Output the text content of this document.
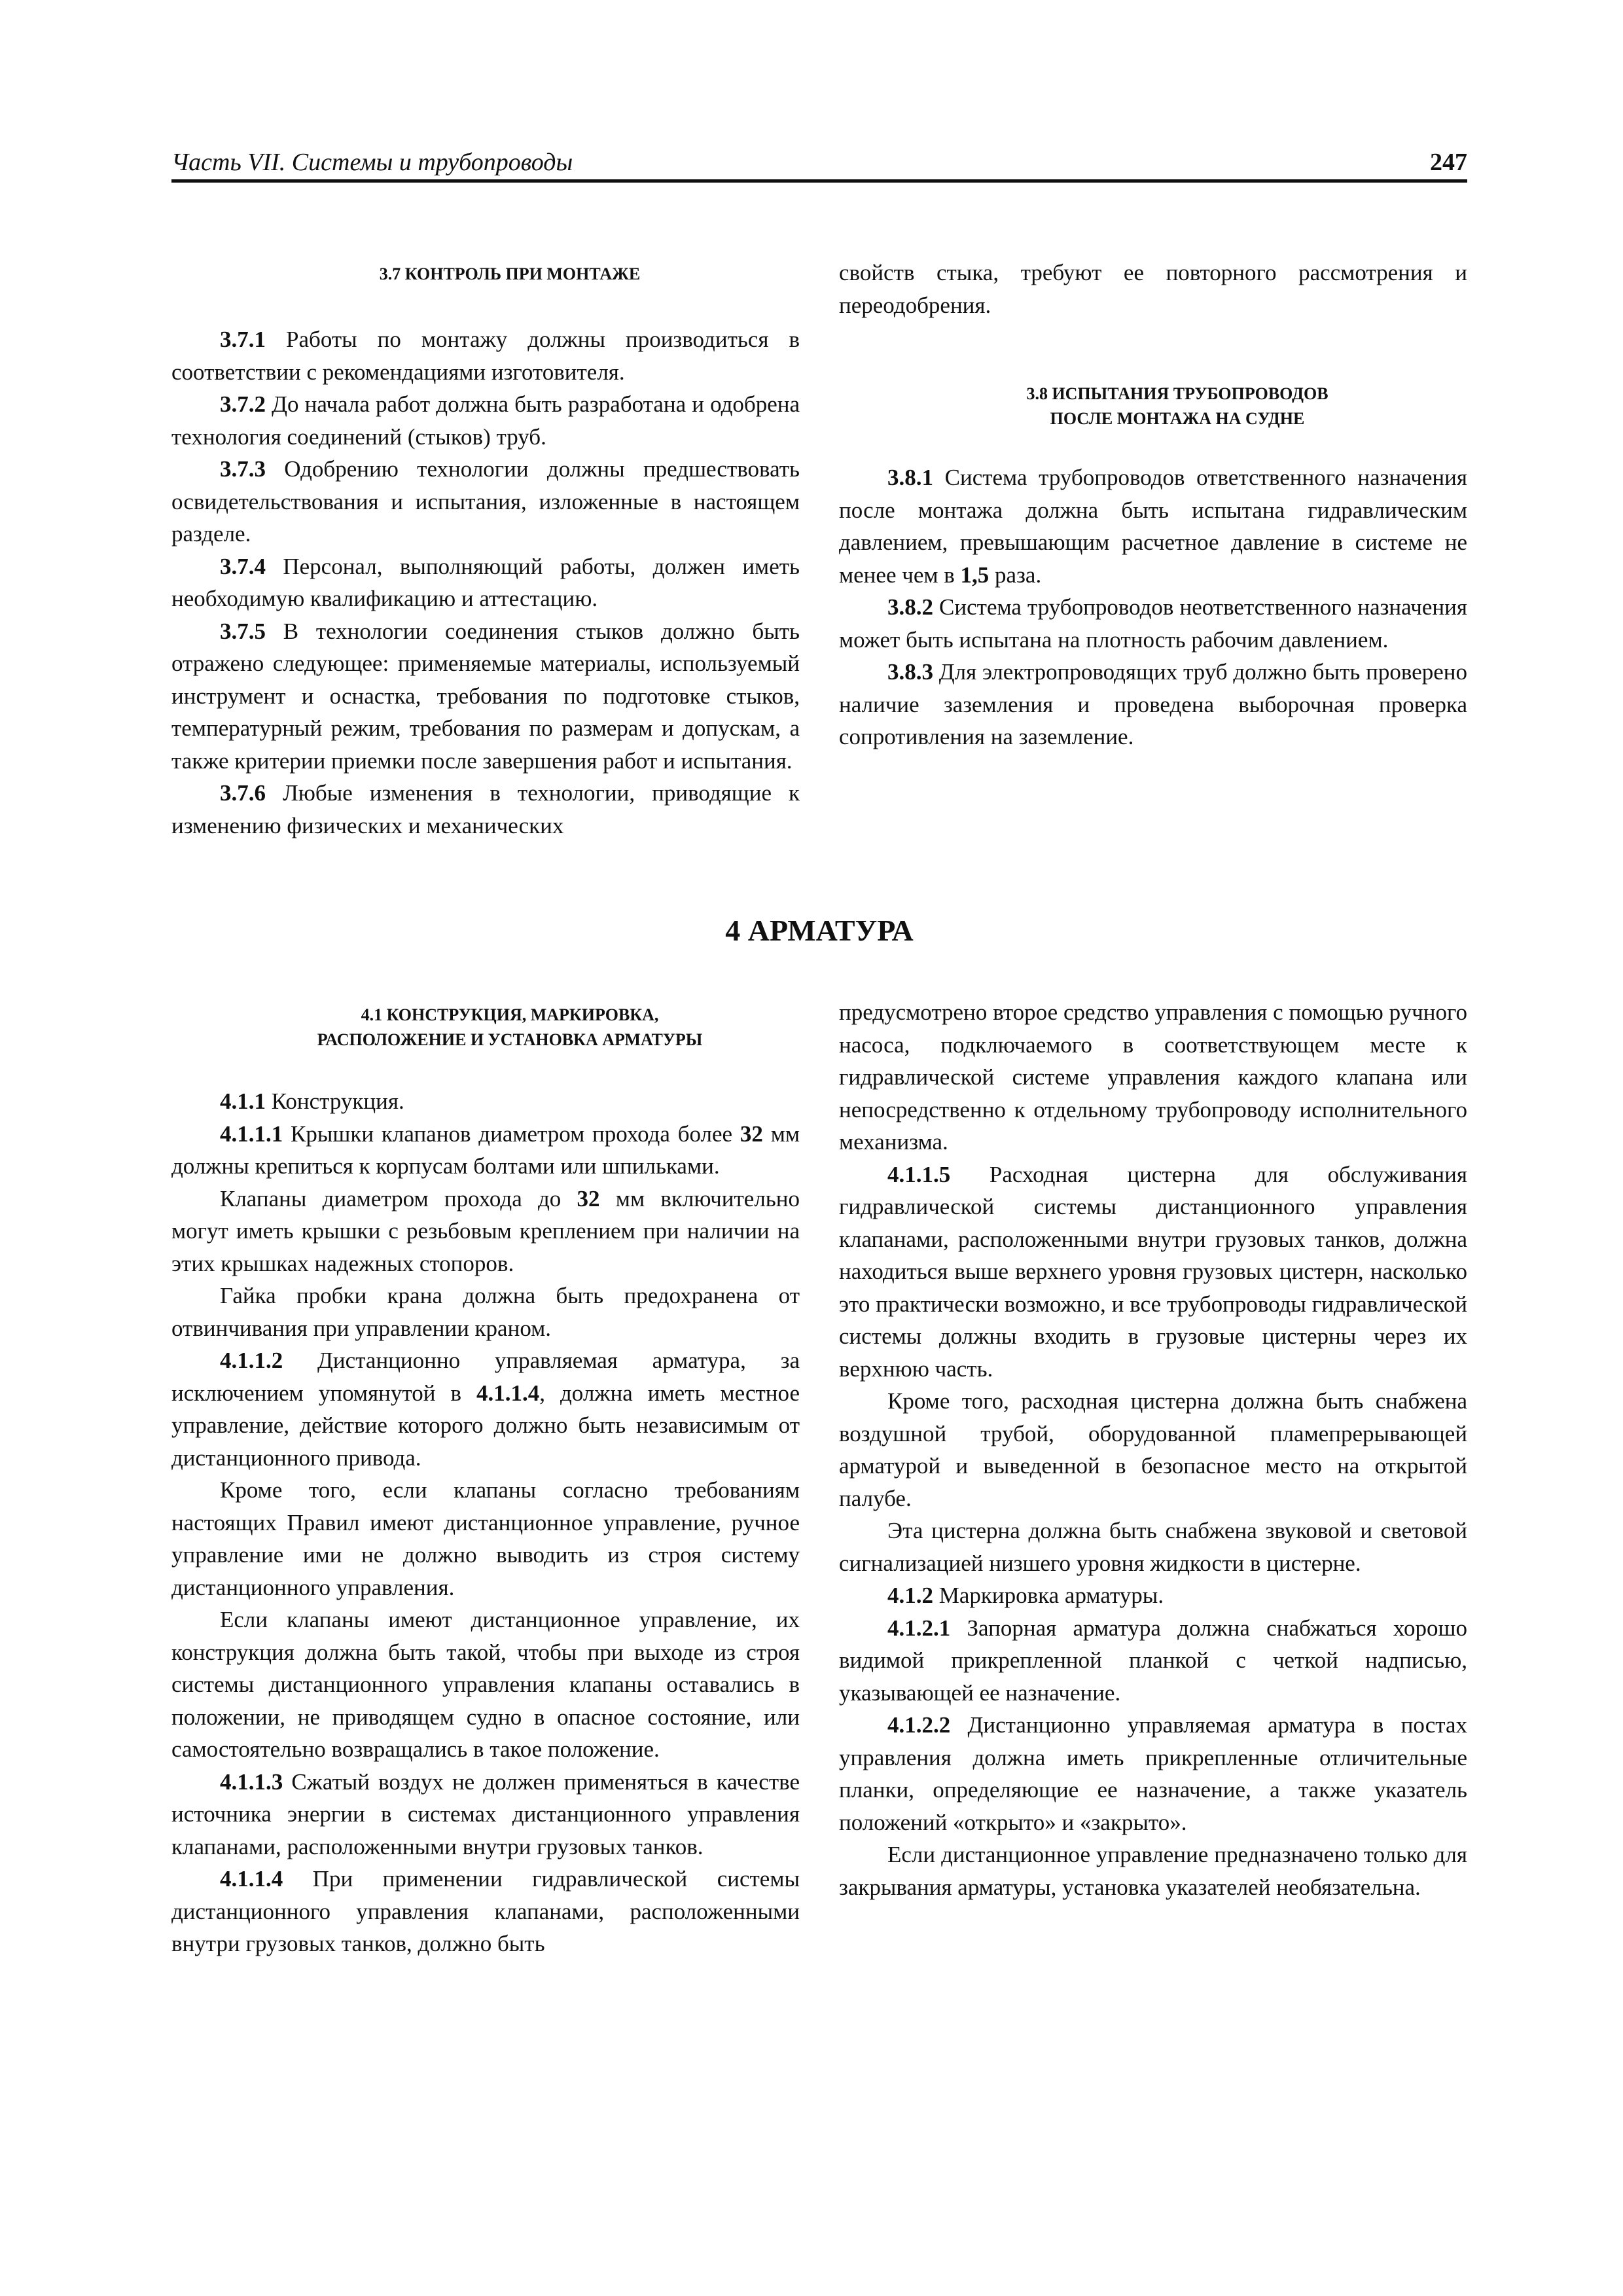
Часть VII. Системы и трубопроводы	247

3.7 КОНТРОЛЬ ПРИ МОНТАЖЕ

3.7.1 Работы по монтажу должны производиться в соответствии с рекомендациями изготовителя.

3.7.2 До начала работ должна быть разработана и одобрена технология соединений (стыков) труб.

3.7.3 Одобрению технологии должны предшествовать освидетельствования и испытания, изложенные в настоящем разделе.

3.7.4 Персонал, выполняющий работы, должен иметь необходимую квалификацию и аттестацию.

3.7.5 В технологии соединения стыков должно быть отражено следующее: применяемые материалы, используемый инструмент и оснастка, требования по подготовке стыков, температурный режим, требования по размерам и допускам, а также критерии приемки после завершения работ и испытания.

3.7.6 Любые изменения в технологии, приводящие к изменению физических и механических

свойств стыка, требуют ее повторного рассмотрения и переодобрения.

3.8 ИСПЫТАНИЯ ТРУБОПРОВОДОВ

ПОСЛЕ МОНТАЖА НА СУДНЕ

3.8.1 Система трубопроводов ответственного назначения после монтажа должна быть испытана гидравлическим давлением, превышающим расчетное давление в системе не менее чем в 1,5 раза.

3.8.2 Система трубопроводов неответственного назначения может быть испытана на плотность рабочим давлением.

3.8.3 Для электропроводящих труб должно быть проверено наличие заземления и проведена выборочная проверка сопротивления на заземление.

4 АРМАТУРА

4.1 КОНСТРУКЦИЯ, МАРКИРОВКА,

РАСПОЛОЖЕНИЕ И УСТАНОВКА АРМАТУРЫ

4.1.1 Конструкция.

4.1.1.1 Крышки клапанов диаметром прохода более 32 мм должны крепиться к корпусам болтами или шпильками.

Клапаны диаметром прохода до 32 мм включительно могут иметь крышки с резьбовым креплением при наличии на этих крышках надежных стопоров.

Гайка пробки крана должна быть предохранена от отвинчивания при управлении краном.

4.1.1.2 Дистанционно управляемая арматура, за исключением упомянутой в 4.1.1.4, должна иметь местное управление, действие которого должно быть независимым от дистанционного привода.

Кроме того, если клапаны согласно требованиям настоящих Правил имеют дистанционное управление, ручное управление ими не должно выводить из строя систему дистанционного управления.

Если клапаны имеют дистанционное управление, их конструкция должна быть такой, чтобы при выходе из строя системы дистанционного управления клапаны оставались в положении, не приводящем судно в опасное состояние, или самостоятельно возвращались в такое положение.

4.1.1.3 Сжатый воздух не должен применяться в качестве источника энергии в системах дистанционного управления клапанами, расположенными внутри грузовых танков.

4.1.1.4 При применении гидравлической системы дистанционного управления клапанами, расположенными внутри грузовых танков, должно быть

предусмотрено второе средство управления с помощью ручного насоса, подключаемого в соответствующем месте к гидравлической системе управления каждого клапана или непосредственно к отдельному трубопроводу исполнительного механизма.

4.1.1.5 Расходная цистерна для обслуживания гидравлической системы дистанционного управления клапанами, расположенными внутри грузовых танков, должна находиться выше верхнего уровня грузовых цистерн, насколько это практически возможно, и все трубопроводы гидравлической системы должны входить в грузовые цистерны через их верхнюю часть.

Кроме того, расходная цистерна должна быть снабжена воздушной трубой, оборудованной пламепрерывающей арматурой и выведенной в безопасное место на открытой палубе.

Эта цистерна должна быть снабжена звуковой и световой сигнализацией низшего уровня жидкости в цистерне.

4.1.2 Маркировка арматуры.

4.1.2.1 Запорная арматура должна снабжаться хорошо видимой прикрепленной планкой с четкой надписью, указывающей ее назначение.

4.1.2.2 Дистанционно управляемая арматура в постах управления должна иметь прикрепленные отличительные планки, определяющие ее назначение, а также указатель положений «открыто» и «закрыто».

Если дистанционное управление предназначено только для закрывания арматуры, установка указателей необязательна.
